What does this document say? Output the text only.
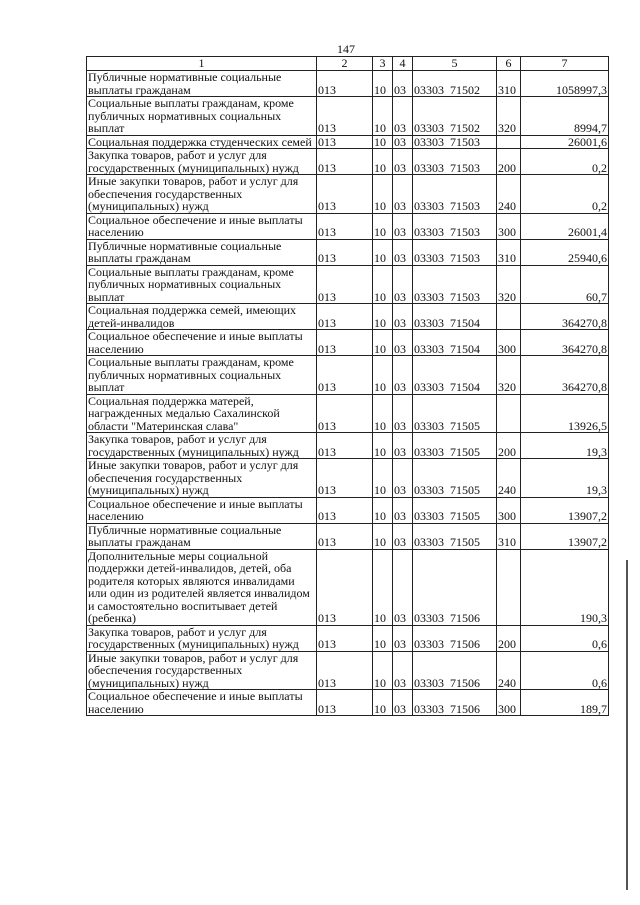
147
1	2	3	4	5	6	7
Публичные нормативные социальные выплаты гражданам	013	10	03	03303  71502	310	1058997,3
Социальные выплаты гражданам, кроме публичных нормативных социальных выплат	013	10	03	03303  71502	320	8994,7
Социальная поддержка студенческих семей	013	10	03	03303  71503		26001,6
Закупка товаров, работ и услуг для государственных (муниципальных) нужд	013	10	03	03303  71503	200	0,2
Иные закупки товаров, работ и услуг для обеспечения государственных (муниципальных) нужд	013	10	03	03303  71503	240	0,2
Социальное обеспечение и иные выплаты населению	013	10	03	03303  71503	300	26001,4
Публичные нормативные социальные выплаты гражданам	013	10	03	03303  71503	310	25940,6
Социальные выплаты гражданам, кроме публичных нормативных социальных выплат	013	10	03	03303  71503	320	60,7
Социальная поддержка семей, имеющих детей-инвалидов	013	10	03	03303  71504		364270,8
Социальное обеспечение и иные выплаты населению	013	10	03	03303  71504	300	364270,8
Социальные выплаты гражданам, кроме публичных нормативных социальных выплат	013	10	03	03303  71504	320	364270,8
Социальная поддержка матерей, награжденных медалью Сахалинской области "Материнская слава"	013	10	03	03303  71505		13926,5
Закупка товаров, работ и услуг для государственных (муниципальных) нужд	013	10	03	03303  71505	200	19,3
Иные закупки товаров, работ и услуг для обеспечения государственных (муниципальных) нужд	013	10	03	03303  71505	240	19,3
Социальное обеспечение и иные выплаты населению	013	10	03	03303  71505	300	13907,2
Публичные нормативные социальные выплаты гражданам	013	10	03	03303  71505	310	13907,2
Дополнительные меры социальной поддержки детей-инвалидов, детей, оба родителя которых являются инвалидами или один из родителей является инвалидом и самостоятельно воспитывает детей (ребенка)	013	10	03	03303  71506		190,3
Закупка товаров, работ и услуг для государственных (муниципальных) нужд	013	10	03	03303  71506	200	0,6
Иные закупки товаров, работ и услуг для обеспечения государственных (муниципальных) нужд	013	10	03	03303  71506	240	0,6
Социальное обеспечение и иные выплаты населению	013	10	03	03303  71506	300	189,7
